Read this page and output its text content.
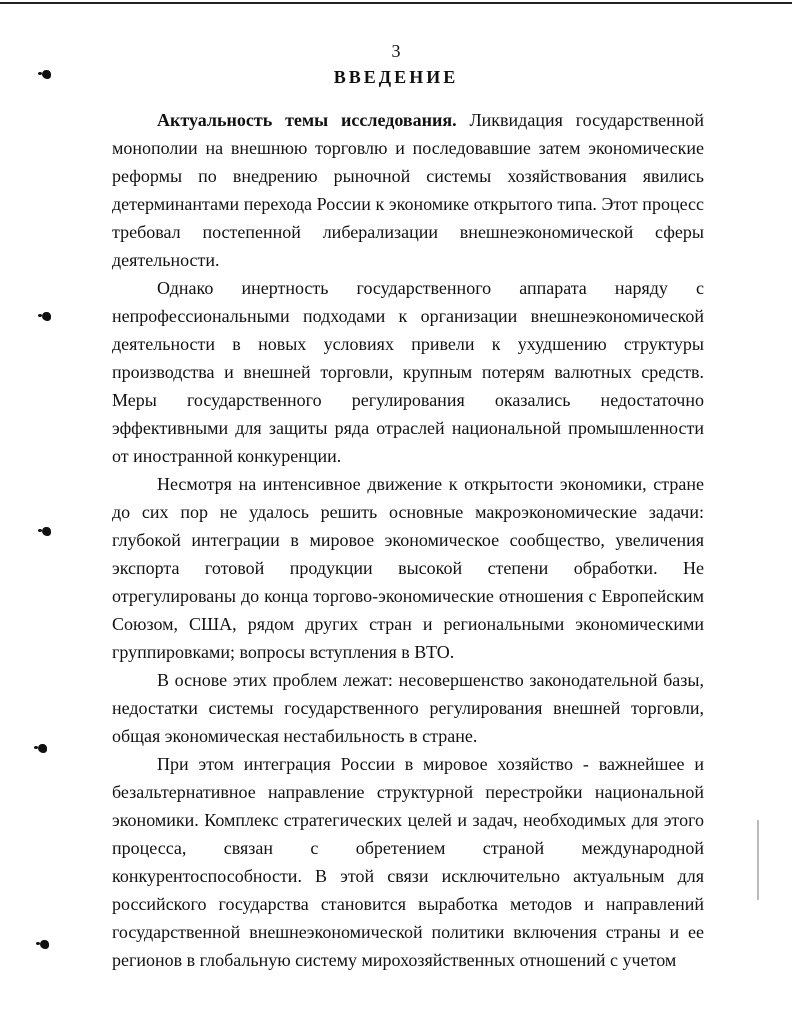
3
ВВЕДЕНИЕ

Актуальность темы исследования. Ликвидация государственной монополии на внешнюю торговлю и последовавшие затем экономические реформы по внедрению рыночной системы хозяйствования явились детерминантами перехода России к экономике открытого типа. Этот процесс требовал постепенной либерализации внешнеэкономической сферы деятельности.

Однако инертность государственного аппарата наряду с непрофессиональными подходами к организации внешнеэкономической деятельности в новых условиях привели к ухудшению структуры производства и внешней торговли, крупным потерям валютных средств. Меры государственного регулирования оказались недостаточно эффективными для защиты ряда отраслей национальной промышленности от иностранной конкуренции.

Несмотря на интенсивное движение к открытости экономики, стране до сих пор не удалось решить основные макроэкономические задачи: глубокой интеграции в мировое экономическое сообщество, увеличения экспорта готовой продукции высокой степени обработки. Не отрегулированы до конца торгово-экономические отношения с Европейским Союзом, США, рядом других стран и региональными экономическими группировками; вопросы вступления в ВТО.

В основе этих проблем лежат: несовершенство законодательной базы, недостатки системы государственного регулирования внешней торговли, общая экономическая нестабильность в стране.

При этом интеграция России в мировое хозяйство - важнейшее и безальтернативное направление структурной перестройки национальной экономики. Комплекс стратегических целей и задач, необходимых для этого процесса, связан с обретением страной международной конкурентоспособности. В этой связи исключительно актуальным для российского государства становится выработка методов и направлений государственной внешнеэкономической политики включения страны и ее регионов в глобальную систему мирохозяйственных отношений с учетом
